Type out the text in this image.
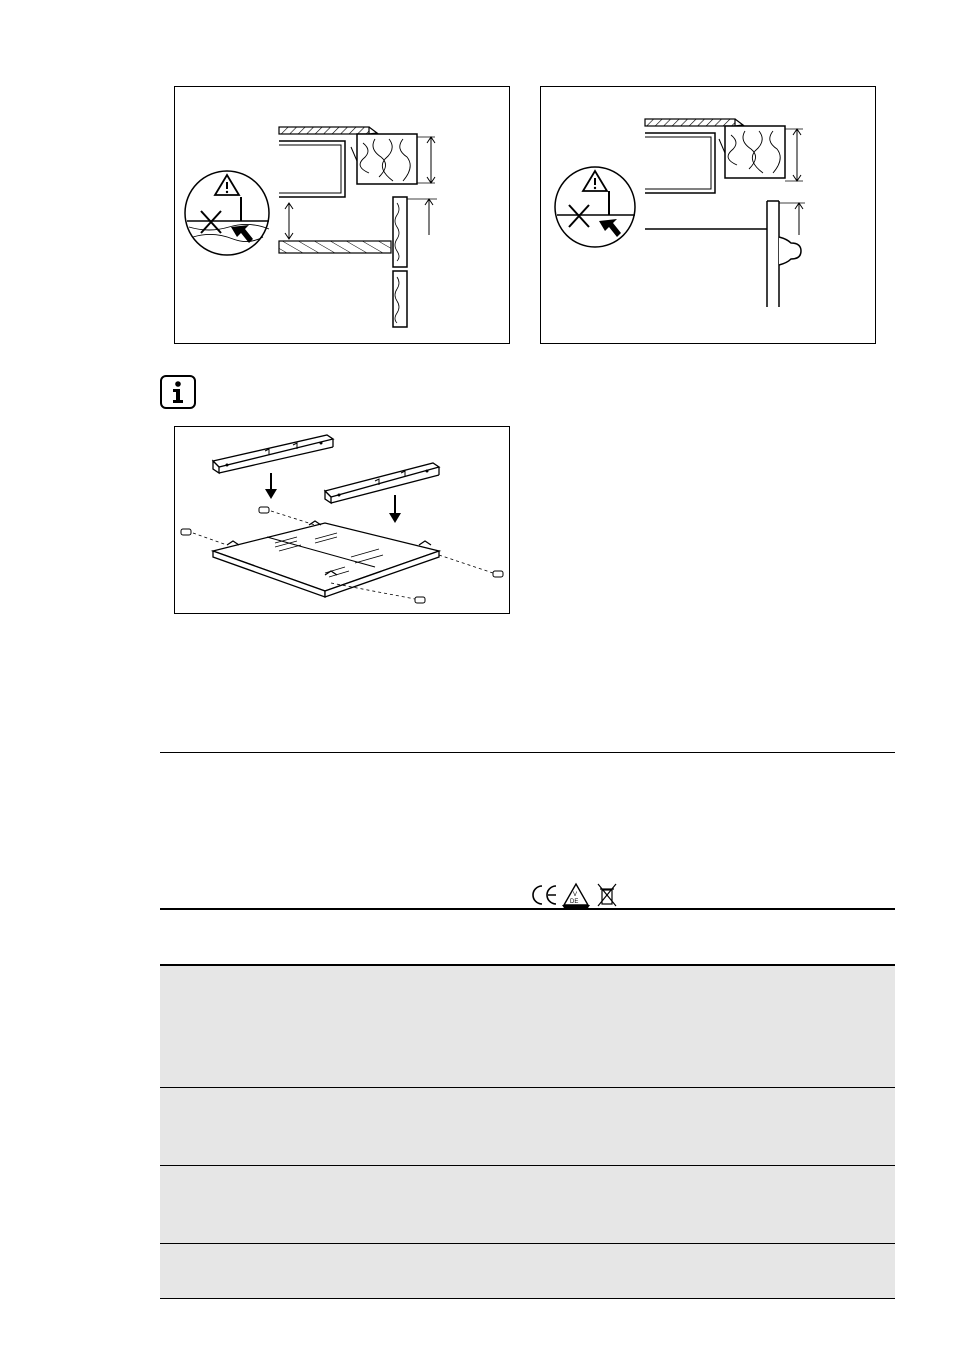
V
DE
